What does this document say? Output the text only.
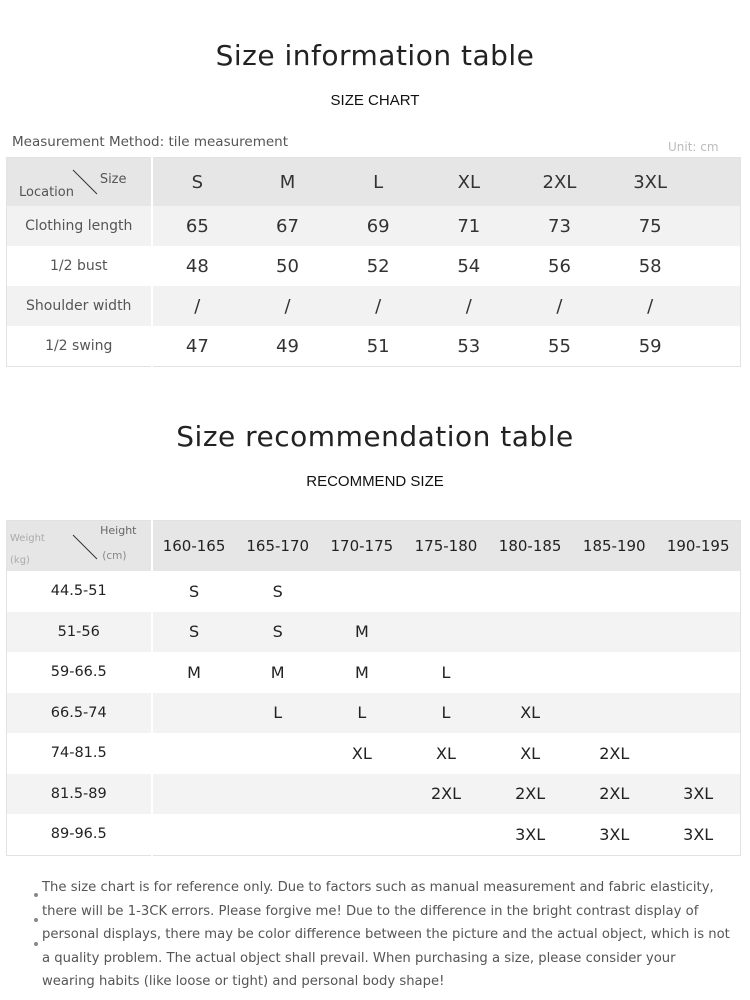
Size information table
SIZE CHART
Measurement Method: tile measurement	Unit: cm
Size
Location	S	M	L	XL	2XL	3XL	
Clothing length	65	67	69	71	73	75	
1/2 bust	48	50	52	54	56	58	
Shoulder width	/	/	/	/	/	/	
1/2 swing	47	49	51	53	55	59	
Size recommendation table
RECOMMEND SIZE
Height
(cm)
Weight
(kg)	160-165	165-170	170-175	175-180	180-185	185-190	190-195
44.5-51	S	S					
51-56	S	S	M				
59-66.5	M	M	M	L			
66.5-74		L	L	L	XL		
74-81.5			XL	XL	XL	2XL	
81.5-89				2XL	2XL	2XL	3XL
89-96.5					3XL	3XL	3XL
The size chart is for reference only. Due to factors such as manual measurement and fabric elasticity, there will be 1-3CK errors. Please forgive me! Due to the difference in the bright contrast display of personal displays, there may be color difference between the picture and the actual object, which is not a quality problem. The actual object shall prevail. When purchasing a size, please consider your wearing habits (like loose or tight) and personal body shape!
